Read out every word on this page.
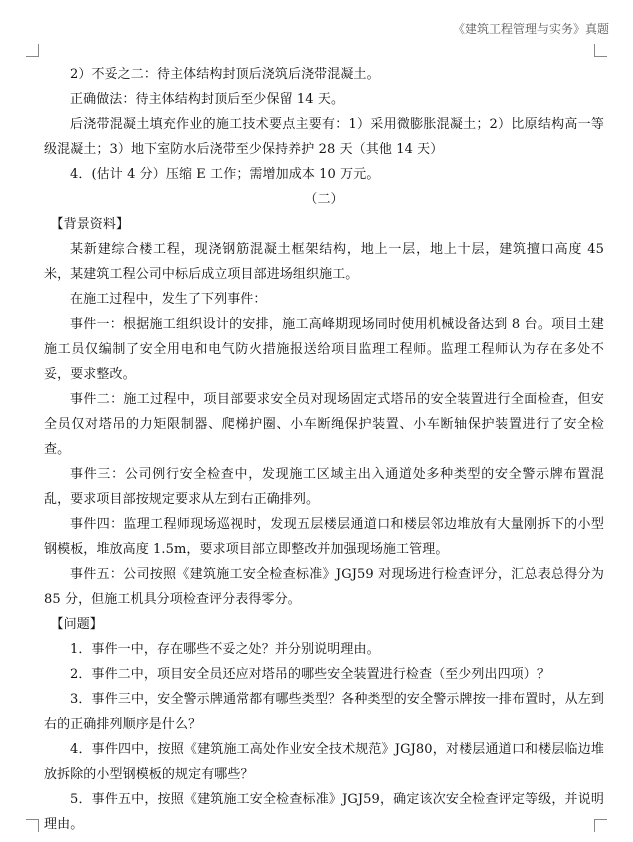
《建筑工程管理与实务》真题

2）不妥之二：待主体结构封顶后浇筑后浇带混凝土。

正确做法：待主体结构封顶后至少保留 14 天。

后浇带混凝土填充作业的施工技术要点主要有：1）采用微膨胀混凝土；2）比原结构高一等级混凝土；3）地下室防水后浇带至少保持养护 28 天（其他 14 天）

4．(估计 4 分）压缩 E 工作；需增加成本 10 万元。

（二）

【背景资料】

某新建综合楼工程，现浇钢筋混凝土框架结构，地上一层，地上十层，建筑擅口高度 45 米，某建筑工程公司中标后成立项目部进场组织施工。

在施工过程中，发生了下列事件：

事件一：根据施工组织设计的安排，施工高峰期现场同时使用机械设备达到 8 台。项目土建施工员仅编制了安全用电和电气防火措施报送给项目监理工程师。监理工程师认为存在多处不妥，要求整改。

事件二：施工过程中，项目部要求安全员对现场固定式塔吊的安全装置进行全面检查，但安全员仅对塔吊的力矩限制器、爬梯护圈、小车断绳保护装置、小车断轴保护装置进行了安全检查。

事件三：公司例行安全检查中，发现施工区域主出入通道处多种类型的安全警示牌布置混乱，要求项目部按规定要求从左到右正确排列。

事件四：监理工程师现场巡视时，发现五层楼层通道口和楼层邻边堆放有大量刚拆下的小型钢模板，堆放高度 1.5m，要求项目部立即整改并加强现场施工管理。

事件五：公司按照《建筑施工安全检查标准》JGJ59 对现场进行检查评分，汇总表总得分为 85 分，但施工机具分项检查评分表得零分。

【问题】

1．事件一中，存在哪些不妥之处？并分别说明理由。

2．事件二中，项目安全员还应对塔吊的哪些安全装置进行检查（至少列出四项）？

3．事件三中，安全警示牌通常都有哪些类型？各种类型的安全警示牌按一排布置时，从左到右的正确排列顺序是什么？

4．事件四中，按照《建筑施工高处作业安全技术规范》JGJ80，对楼层通道口和楼层临边堆放拆除的小型钢模板的规定有哪些？

5．事件五中，按照《建筑施工安全检查标准》JGJ59，确定该次安全检查评定等级，并说明理由。
